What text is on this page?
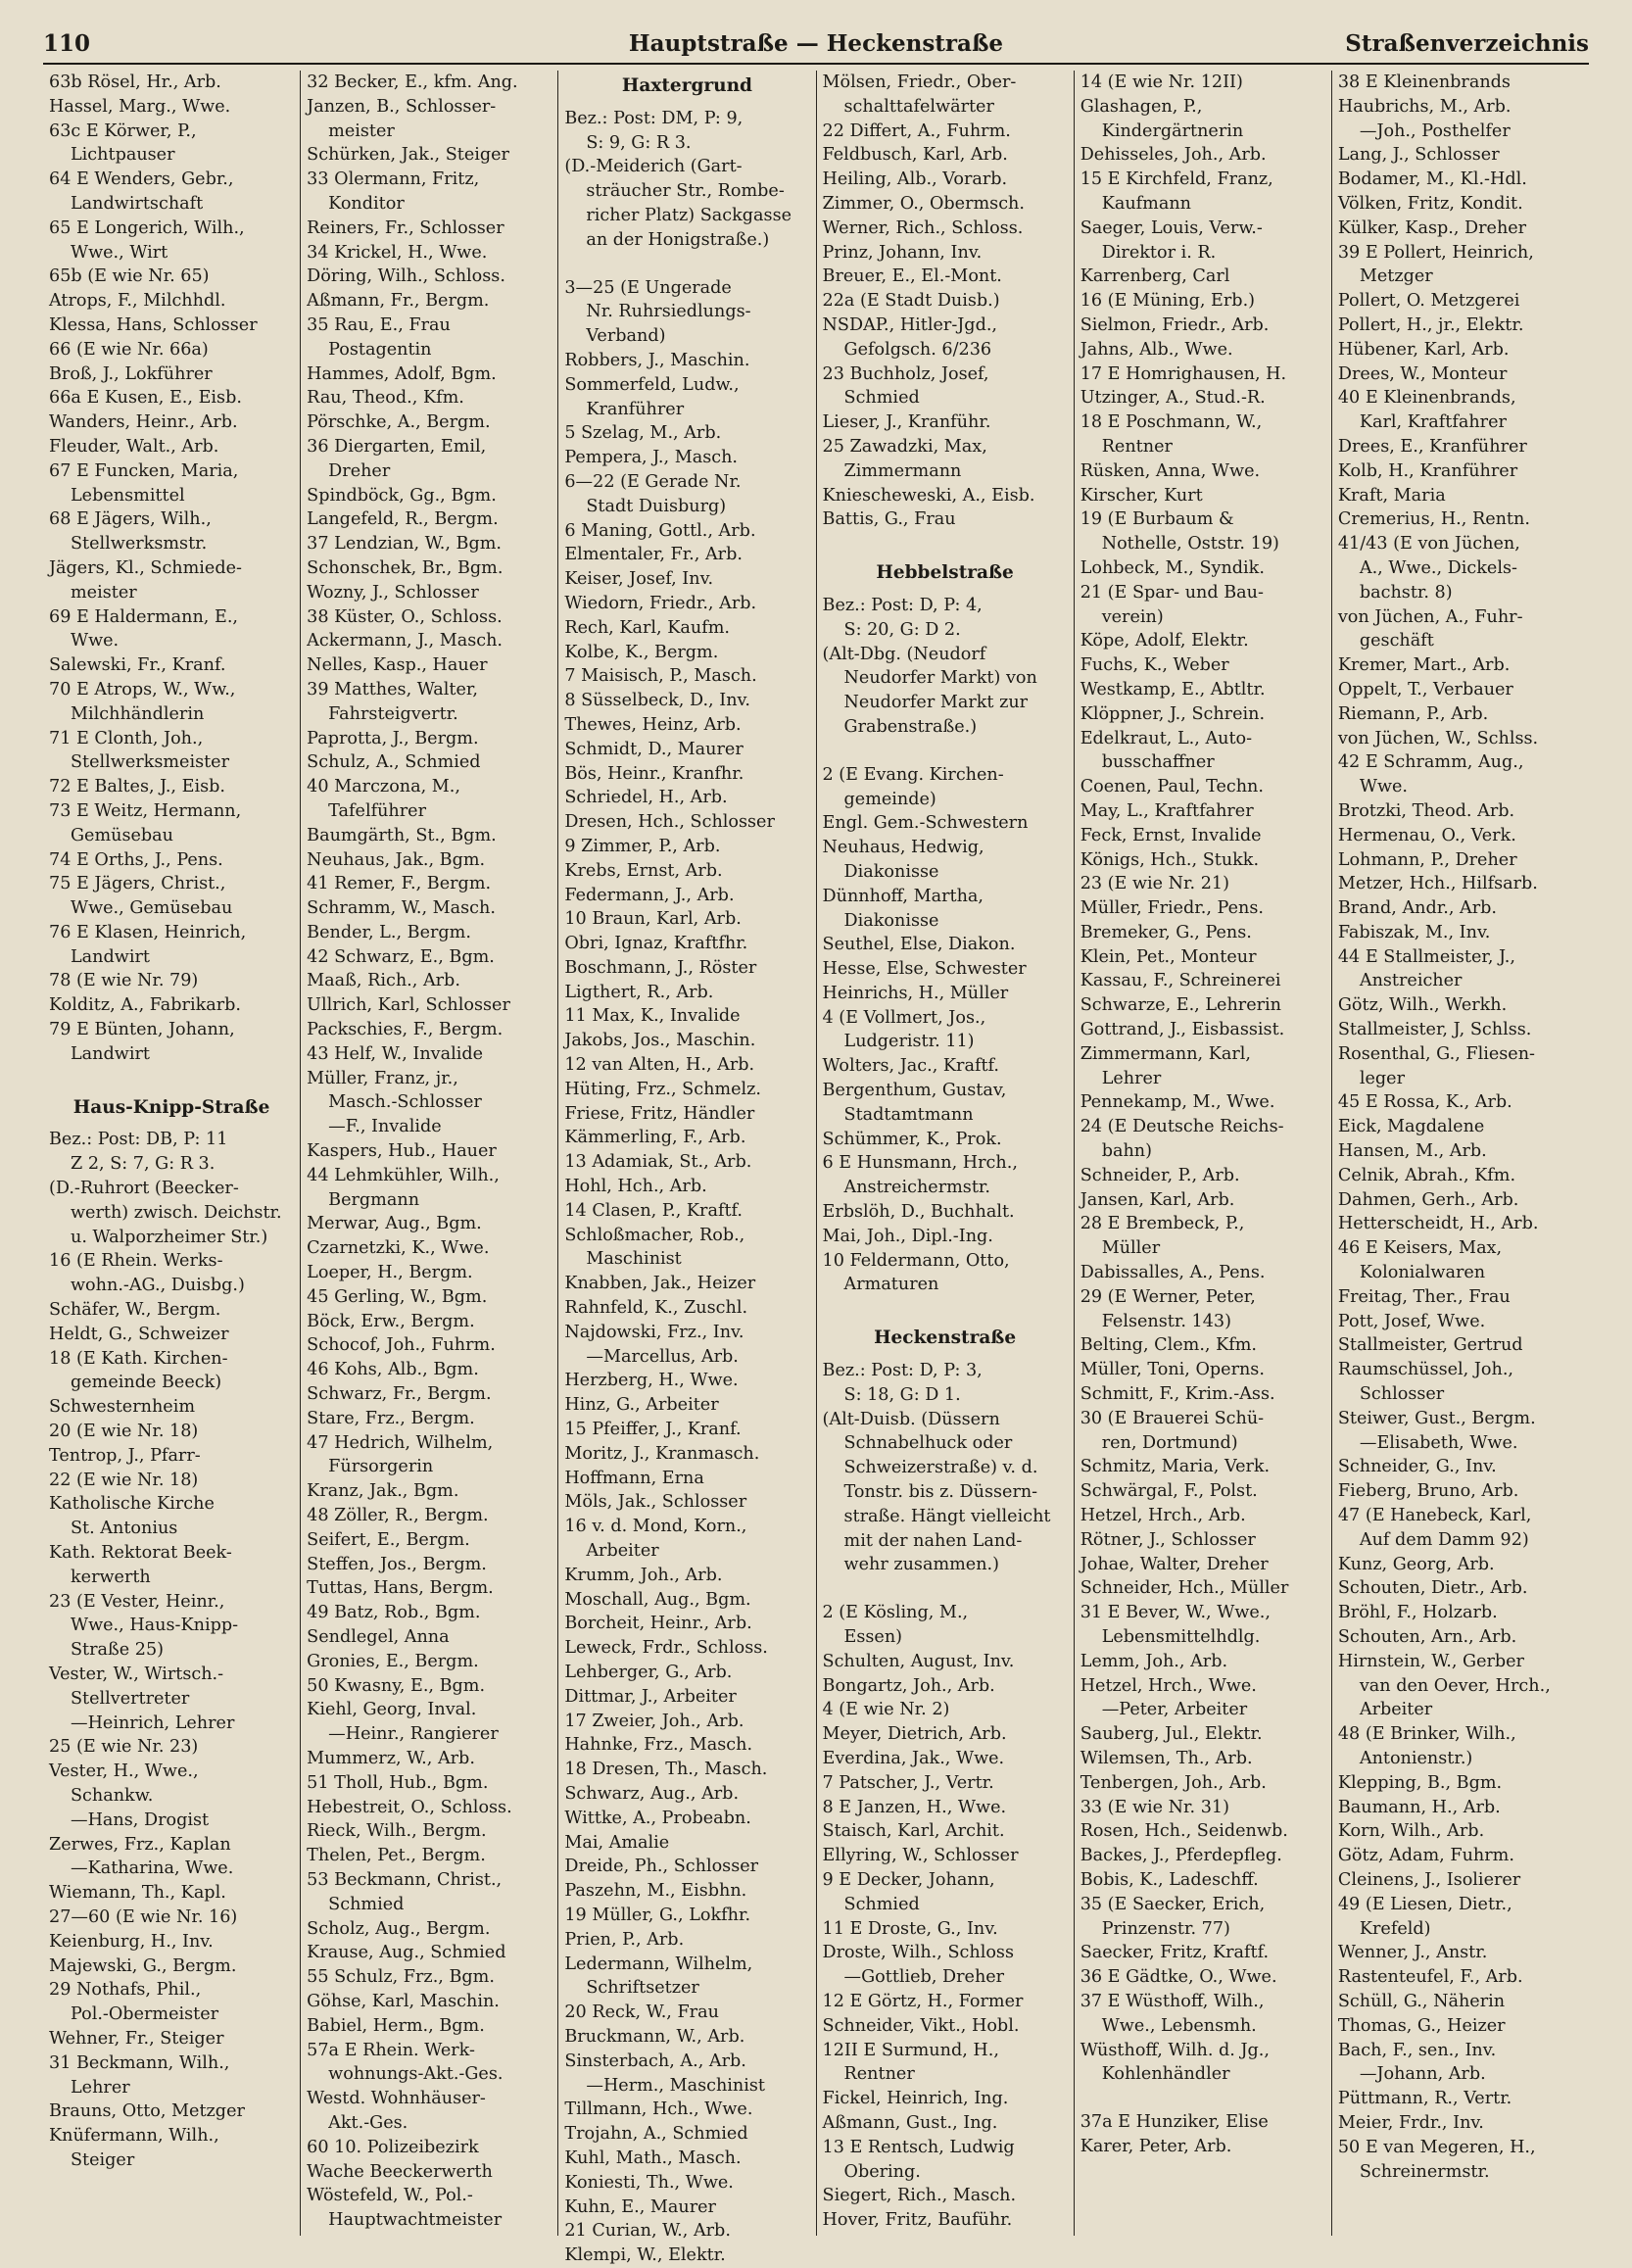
110	Hauptstraße — Heckenstraße	Straßenverzeichnis
63b Rösel, Hr., Arb.
Hassel, Marg., Wwe.
63c E Körwer, P.,
Lichtpauser
64 E Wenders, Gebr.,
Landwirtschaft
65 E Longerich, Wilh.,
Wwe., Wirt
65b (E wie Nr. 65)
Atrops, F., Milchhdl.
Klessa, Hans, Schlosser
66 (E wie Nr. 66a)
Broß, J., Lokführer
66a E Kusen, E., Eisb.
Wanders, Heinr., Arb.
Fleuder, Walt., Arb.
67 E Funcken, Maria,
Lebensmittel
68 E Jägers, Wilh.,
Stellwerksmstr.
Jägers, Kl., Schmiede-
meister
69 E Haldermann, E.,
Wwe.
Salewski, Fr., Kranf.
70 E Atrops, W., Ww.,
Milchhändlerin
71 E Clonth, Joh.,
Stellwerksmeister
72 E Baltes, J., Eisb.
73 E Weitz, Hermann,
Gemüsebau
74 E Orths, J., Pens.
75 E Jägers, Christ.,
Wwe., Gemüsebau
76 E Klasen, Heinrich,
Landwirt
78 (E wie Nr. 79)
Kolditz, A., Fabrikarb.
79 E Bünten, Johann,
Landwirt
Haus-Knipp-Straße
Bez.: Post: DB, P: 11
Z 2, S: 7, G: R 3.
(D.-Ruhrort (Beecker-
werth) zwisch. Deichstr.
u. Walporzheimer Str.)
16 (E Rhein. Werks-
wohn.-AG., Duisbg.)
Schäfer, W., Bergm.
Heldt, G., Schweizer
18 (E Kath. Kirchen-
gemeinde Beeck)
Schwesternheim
20 (E wie Nr. 18)
Tentrop, J., Pfarr-
22 (E wie Nr. 18)
Katholische Kirche
St. Antonius
Kath. Rektorat Beek-
kerwerth
23 (E Vester, Heinr.,
Wwe., Haus-Knipp-
Straße 25)
Vester, W., Wirtsch.-
Stellvertreter
—Heinrich, Lehrer
25 (E wie Nr. 23)
Vester, H., Wwe.,
Schankw.
—Hans, Drogist
Zerwes, Frz., Kaplan
—Katharina, Wwe.
Wiemann, Th., Kapl.
27—60 (E wie Nr. 16)
Keienburg, H., Inv.
Majewski, G., Bergm.
29 Nothafs, Phil.,
Pol.-Obermeister
Wehner, Fr., Steiger
31 Beckmann, Wilh.,
Lehrer
Brauns, Otto, Metzger
Knüfermann, Wilh.,
Steiger
32 Becker, E., kfm. Ang.
Janzen, B., Schlosser-
meister
Schürken, Jak., Steiger
33 Olermann, Fritz,
Konditor
Reiners, Fr., Schlosser
34 Krickel, H., Wwe.
Döring, Wilh., Schloss.
Aßmann, Fr., Bergm.
35 Rau, E., Frau
Postagentin
Hammes, Adolf, Bgm.
Rau, Theod., Kfm.
Pörschke, A., Bergm.
36 Diergarten, Emil,
Dreher
Spindböck, Gg., Bgm.
Langefeld, R., Bergm.
37 Lendzian, W., Bgm.
Schonschek, Br., Bgm.
Wozny, J., Schlosser
38 Küster, O., Schloss.
Ackermann, J., Masch.
Nelles, Kasp., Hauer
39 Matthes, Walter,
Fahrsteigvertr.
Paprotta, J., Bergm.
Schulz, A., Schmied
40 Marczona, M.,
Tafelführer
Baumgärth, St., Bgm.
Neuhaus, Jak., Bgm.
41 Remer, F., Bergm.
Schramm, W., Masch.
Bender, L., Bergm.
42 Schwarz, E., Bgm.
Maaß, Rich., Arb.
Ullrich, Karl, Schlosser
Packschies, F., Bergm.
43 Helf, W., Invalide
Müller, Franz, jr.,
Masch.-Schlosser
—F., Invalide
Kaspers, Hub., Hauer
44 Lehmkühler, Wilh.,
Bergmann
Merwar, Aug., Bgm.
Czarnetzki, K., Wwe.
Loeper, H., Bergm.
45 Gerling, W., Bgm.
Böck, Erw., Bergm.
Schocof, Joh., Fuhrm.
46 Kohs, Alb., Bgm.
Schwarz, Fr., Bergm.
Stare, Frz., Bergm.
47 Hedrich, Wilhelm,
Fürsorgerin
Kranz, Jak., Bgm.
48 Zöller, R., Bergm.
Seifert, E., Bergm.
Steffen, Jos., Bergm.
Tuttas, Hans, Bergm.
49 Batz, Rob., Bgm.
Sendlegel, Anna
Gronies, E., Bergm.
50 Kwasny, E., Bgm.
Kiehl, Georg, Inval.
—Heinr., Rangierer
Mummerz, W., Arb.
51 Tholl, Hub., Bgm.
Hebestreit, O., Schloss.
Rieck, Wilh., Bergm.
Thelen, Pet., Bergm.
53 Beckmann, Christ.,
Schmied
Scholz, Aug., Bergm.
Krause, Aug., Schmied
55 Schulz, Frz., Bgm.
Göhse, Karl, Maschin.
Babiel, Herm., Bgm.
57a E Rhein. Werk-
wohnungs-Akt.-Ges.
Westd. Wohnhäuser-
Akt.-Ges.
60 10. Polizeibezirk
Wache Beeckerwerth
Wöstefeld, W., Pol.-
Hauptwachtmeister
Haxtergrund
Bez.: Post: DM, P: 9,
S: 9, G: R 3.
(D.-Meiderich (Gart-
sträucher Str., Rombe-
richer Platz) Sackgasse
an der Honigstraße.)
3—25 (E Ungerade
Nr. Ruhrsiedlungs-
Verband)
Robbers, J., Maschin.
Sommerfeld, Ludw.,
Kranführer
5 Szelag, M., Arb.
Pempera, J., Masch.
6—22 (E Gerade Nr.
Stadt Duisburg)
6 Maning, Gottl., Arb.
Elmentaler, Fr., Arb.
Keiser, Josef, Inv.
Wiedorn, Friedr., Arb.
Rech, Karl, Kaufm.
Kolbe, K., Bergm.
7 Maisisch, P., Masch.
8 Süsselbeck, D., Inv.
Thewes, Heinz, Arb.
Schmidt, D., Maurer
Bös, Heinr., Kranfhr.
Schriedel, H., Arb.
Dresen, Hch., Schlosser
9 Zimmer, P., Arb.
Krebs, Ernst, Arb.
Federmann, J., Arb.
10 Braun, Karl, Arb.
Obri, Ignaz, Kraftfhr.
Boschmann, J., Röster
Ligthert, R., Arb.
11 Max, K., Invalide
Jakobs, Jos., Maschin.
12 van Alten, H., Arb.
Hüting, Frz., Schmelz.
Friese, Fritz, Händler
Kämmerling, F., Arb.
13 Adamiak, St., Arb.
Hohl, Hch., Arb.
14 Clasen, P., Kraftf.
Schloßmacher, Rob.,
Maschinist
Knabben, Jak., Heizer
Rahnfeld, K., Zuschl.
Najdowski, Frz., Inv.
—Marcellus, Arb.
Herzberg, H., Wwe.
Hinz, G., Arbeiter
15 Pfeiffer, J., Kranf.
Moritz, J., Kranmasch.
Hoffmann, Erna
Möls, Jak., Schlosser
16 v. d. Mond, Korn.,
Arbeiter
Krumm, Joh., Arb.
Moschall, Aug., Bgm.
Borcheit, Heinr., Arb.
Leweck, Frdr., Schloss.
Lehberger, G., Arb.
Dittmar, J., Arbeiter
17 Zweier, Joh., Arb.
Hahnke, Frz., Masch.
18 Dresen, Th., Masch.
Schwarz, Aug., Arb.
Wittke, A., Probeabn.
Mai, Amalie
Dreide, Ph., Schlosser
Paszehn, M., Eisbhn.
19 Müller, G., Lokfhr.
Prien, P., Arb.
Ledermann, Wilhelm,
Schriftsetzer
20 Reck, W., Frau
Bruckmann, W., Arb.
Sinsterbach, A., Arb.
—Herm., Maschinist
Tillmann, Hch., Wwe.
Trojahn, A., Schmied
Kuhl, Math., Masch.
Koniesti, Th., Wwe.
Kuhn, E., Maurer
21 Curian, W., Arb.
Klempi, W., Elektr.
Mölsen, Friedr., Ober-
schalttafelwärter
22 Differt, A., Fuhrm.
Feldbusch, Karl, Arb.
Heiling, Alb., Vorarb.
Zimmer, O., Obermsch.
Werner, Rich., Schloss.
Prinz, Johann, Inv.
Breuer, E., El.-Mont.
22a (E Stadt Duisb.)
NSDAP., Hitler-Jgd.,
Gefolgsch. 6/236
23 Buchholz, Josef,
Schmied
Lieser, J., Kranführ.
25 Zawadzki, Max,
Zimmermann
Kniescheweski, A., Eisb.
Battis, G., Frau
Hebbelstraße
Bez.: Post: D, P: 4,
S: 20, G: D 2.
(Alt-Dbg. (Neudorf
Neudorfer Markt) von
Neudorfer Markt zur
Grabenstraße.)
2 (E Evang. Kirchen-
gemeinde)
Engl. Gem.-Schwestern
Neuhaus, Hedwig,
Diakonisse
Dünnhoff, Martha,
Diakonisse
Seuthel, Else, Diakon.
Hesse, Else, Schwester
Heinrichs, H., Müller
4 (E Vollmert, Jos.,
Ludgeristr. 11)
Wolters, Jac., Kraftf.
Bergenthum, Gustav,
Stadtamtmann
Schümmer, K., Prok.
6 E Hunsmann, Hrch.,
Anstreichermstr.
Erbslöh, D., Buchhalt.
Mai, Joh., Dipl.-Ing.
10 Feldermann, Otto,
Armaturen
Heckenstraße
Bez.: Post: D, P: 3,
S: 18, G: D 1.
(Alt-Duisb. (Düssern
Schnabelhuck oder
Schweizerstraße) v. d.
Tonstr. bis z. Düssern-
straße. Hängt vielleicht
mit der nahen Land-
wehr zusammen.)
2 (E Kösling, M.,
Essen)
Schulten, August, Inv.
Bongartz, Joh., Arb.
4 (E wie Nr. 2)
Meyer, Dietrich, Arb.
Everdina, Jak., Wwe.
7 Patscher, J., Vertr.
8 E Janzen, H., Wwe.
Staisch, Karl, Archit.
Ellyring, W., Schlosser
9 E Decker, Johann,
Schmied
11 E Droste, G., Inv.
Droste, Wilh., Schloss
—Gottlieb, Dreher
12 E Görtz, H., Former
Schneider, Vikt., Hobl.
12II E Surmund, H.,
Rentner
Fickel, Heinrich, Ing.
Aßmann, Gust., Ing.
13 E Rentsch, Ludwig
Obering.
Siegert, Rich., Masch.
Hover, Fritz, Bauführ.
14 (E wie Nr. 12II)
Glashagen, P.,
Kindergärtnerin
Dehisseles, Joh., Arb.
15 E Kirchfeld, Franz,
Kaufmann
Saeger, Louis, Verw.-
Direktor i. R.
Karrenberg, Carl
16 (E Müning, Erb.)
Sielmon, Friedr., Arb.
Jahns, Alb., Wwe.
17 E Homrighausen, H.
Utzinger, A., Stud.-R.
18 E Poschmann, W.,
Rentner
Rüsken, Anna, Wwe.
Kirscher, Kurt
19 (E Burbaum &
Nothelle, Oststr. 19)
Lohbeck, M., Syndik.
21 (E Spar- und Bau-
verein)
Köpe, Adolf, Elektr.
Fuchs, K., Weber
Westkamp, E., Abtltr.
Klöppner, J., Schrein.
Edelkraut, L., Auto-
busschaffner
Coenen, Paul, Techn.
May, L., Kraftfahrer
Feck, Ernst, Invalide
Königs, Hch., Stukk.
23 (E wie Nr. 21)
Müller, Friedr., Pens.
Bremeker, G., Pens.
Klein, Pet., Monteur
Kassau, F., Schreinerei
Schwarze, E., Lehrerin
Gottrand, J., Eisbassist.
Zimmermann, Karl,
Lehrer
Pennekamp, M., Wwe.
24 (E Deutsche Reichs-
bahn)
Schneider, P., Arb.
Jansen, Karl, Arb.
28 E Brembeck, P.,
Müller
Dabissalles, A., Pens.
29 (E Werner, Peter,
Felsenstr. 143)
Belting, Clem., Kfm.
Müller, Toni, Operns.
Schmitt, F., Krim.-Ass.
30 (E Brauerei Schü-
ren, Dortmund)
Schmitz, Maria, Verk.
Schwärgal, F., Polst.
Hetzel, Hrch., Arb.
Rötner, J., Schlosser
Johae, Walter, Dreher
Schneider, Hch., Müller
31 E Bever, W., Wwe.,
Lebensmittelhdlg.
Lemm, Joh., Arb.
Hetzel, Hrch., Wwe.
—Peter, Arbeiter
Sauberg, Jul., Elektr.
Wilemsen, Th., Arb.
Tenbergen, Joh., Arb.
33 (E wie Nr. 31)
Rosen, Hch., Seidenwb.
Backes, J., Pferdepfleg.
Bobis, K., Ladeschff.
35 (E Saecker, Erich,
Prinzenstr. 77)
Saecker, Fritz, Kraftf.
36 E Gädtke, O., Wwe.
37 E Wüsthoff, Wilh.,
Wwe., Lebensmh.
Wüsthoff, Wilh. d. Jg.,
Kohlenhändler
37a E Hunziker, Elise
Karer, Peter, Arb.
38 E Kleinenbrands
Haubrichs, M., Arb.
—Joh., Posthelfer
Lang, J., Schlosser
Bodamer, M., Kl.-Hdl.
Völken, Fritz, Kondit.
Külker, Kasp., Dreher
39 E Pollert, Heinrich,
Metzger
Pollert, O. Metzgerei
Pollert, H., jr., Elektr.
Hübener, Karl, Arb.
Drees, W., Monteur
40 E Kleinenbrands,
Karl, Kraftfahrer
Drees, E., Kranführer
Kolb, H., Kranführer
Kraft, Maria
Cremerius, H., Rentn.
41/43 (E von Jüchen,
A., Wwe., Dickels-
bachstr. 8)
von Jüchen, A., Fuhr-
geschäft
Kremer, Mart., Arb.
Oppelt, T., Verbauer
Riemann, P., Arb.
von Jüchen, W., Schlss.
42 E Schramm, Aug.,
Wwe.
Brotzki, Theod. Arb.
Hermenau, O., Verk.
Lohmann, P., Dreher
Metzer, Hch., Hilfsarb.
Brand, Andr., Arb.
Fabiszak, M., Inv.
44 E Stallmeister, J.,
Anstreicher
Götz, Wilh., Werkh.
Stallmeister, J, Schlss.
Rosenthal, G., Fliesen-
leger
45 E Rossa, K., Arb.
Eick, Magdalene
Hansen, M., Arb.
Celnik, Abrah., Kfm.
Dahmen, Gerh., Arb.
Hetterscheidt, H., Arb.
46 E Keisers, Max,
Kolonialwaren
Freitag, Ther., Frau
Pott, Josef, Wwe.
Stallmeister, Gertrud
Raumschüssel, Joh.,
Schlosser
Steiwer, Gust., Bergm.
—Elisabeth, Wwe.
Schneider, G., Inv.
Fieberg, Bruno, Arb.
47 (E Hanebeck, Karl,
Auf dem Damm 92)
Kunz, Georg, Arb.
Schouten, Dietr., Arb.
Bröhl, F., Holzarb.
Schouten, Arn., Arb.
Hirnstein, W., Gerber
van den Oever, Hrch.,
Arbeiter
48 (E Brinker, Wilh.,
Antonienstr.)
Klepping, B., Bgm.
Baumann, H., Arb.
Korn, Wilh., Arb.
Götz, Adam, Fuhrm.
Cleinens, J., Isolierer
49 (E Liesen, Dietr.,
Krefeld)
Wenner, J., Anstr.
Rastenteufel, F., Arb.
Schüll, G., Näherin
Thomas, G., Heizer
Bach, F., sen., Inv.
—Johann, Arb.
Püttmann, R., Vertr.
Meier, Frdr., Inv.
50 E van Megeren, H.,
Schreinermstr.
